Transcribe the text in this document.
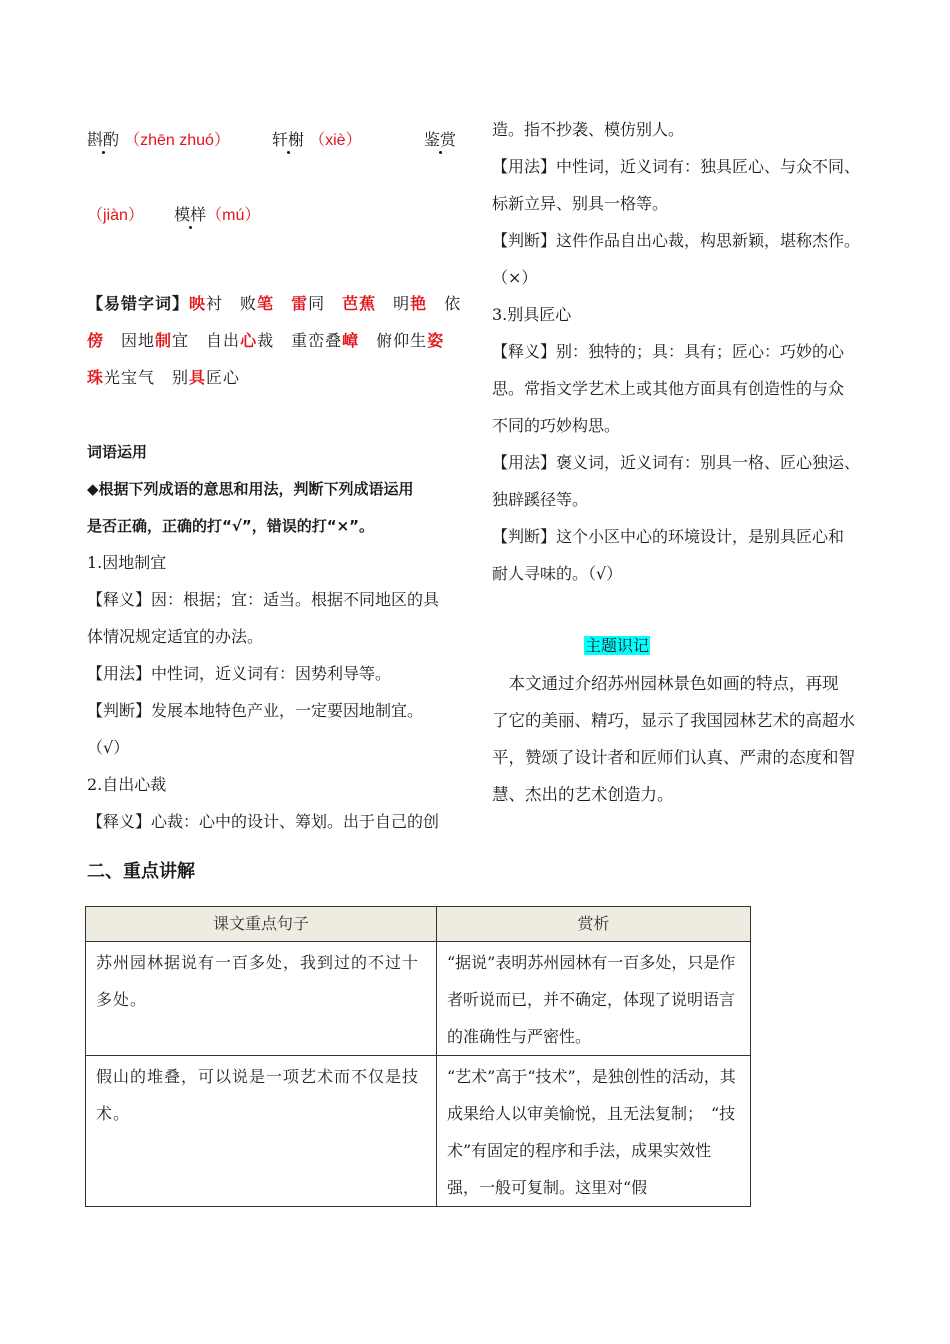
斟酌 （zhēn zhuó）	轩榭 （xiè）	鉴赏
（jiàn） 模样（mú）
【易错字词】映衬　败笔　 雷同　芭蕉　明艳　依
傍　因地制宜　自出心裁　重峦叠嶂　俯仰生姿
珠光宝气　别具匠心
词语运用
◆根据下列成语的意思和用法，判断下列成语运用
是否正确，正确的打“√”，错误的打“×”。
1.因地制宜
【释义】因：根据；宜：适当。根据不同地区的具
体情况规定适宜的办法。
【用法】中性词，近义词有：因势利导等。
【判断】发展本地特色产业，一定要因地制宜。
（√）
2.自出心裁
【释义】心裁：心中的设计、筹划。出于自己的创
造。指不抄袭、模仿别人。
【用法】中性词，近义词有：独具匠心、与众不同、
标新立异、别具一格等。
【判断】这件作品自出心裁，构思新颖，堪称杰作。
（×）
3.别具匠心
【释义】别：独特的；具：具有；匠心：巧妙的心
思。常指文学艺术上或其他方面具有创造性的与众
不同的巧妙构思。
【用法】褒义词，近义词有：别具一格、匠心独运、
独辟蹊径等。
【判断】这个小区中心的环境设计，是别具匠心和
耐人寻味的。（√）
主题识记
　本文通过介绍苏州园林景色如画的特点，再现
了它的美丽、精巧，显示了我国园林艺术的高超水
平，赞颂了设计者和匠师们认真、严肃的态度和智
慧、杰出的艺术创造力。
二、重点讲解
课文重点句子	赏析
苏州园林据说有一百多处，我到过的不过十多处。	“据说”表明苏州园林有一百多处，只是作者听说而已，并不确定，体现了说明语言的准确性与严密性。
假山的堆叠，可以说是一项艺术而不仅是技术。	“艺术”高于“技术”，是独创性的活动，其成果给人以审美愉悦，且无法复制；　“技术”有固定的程序和手法，成果实效性强，一般可复制。这里对“假
